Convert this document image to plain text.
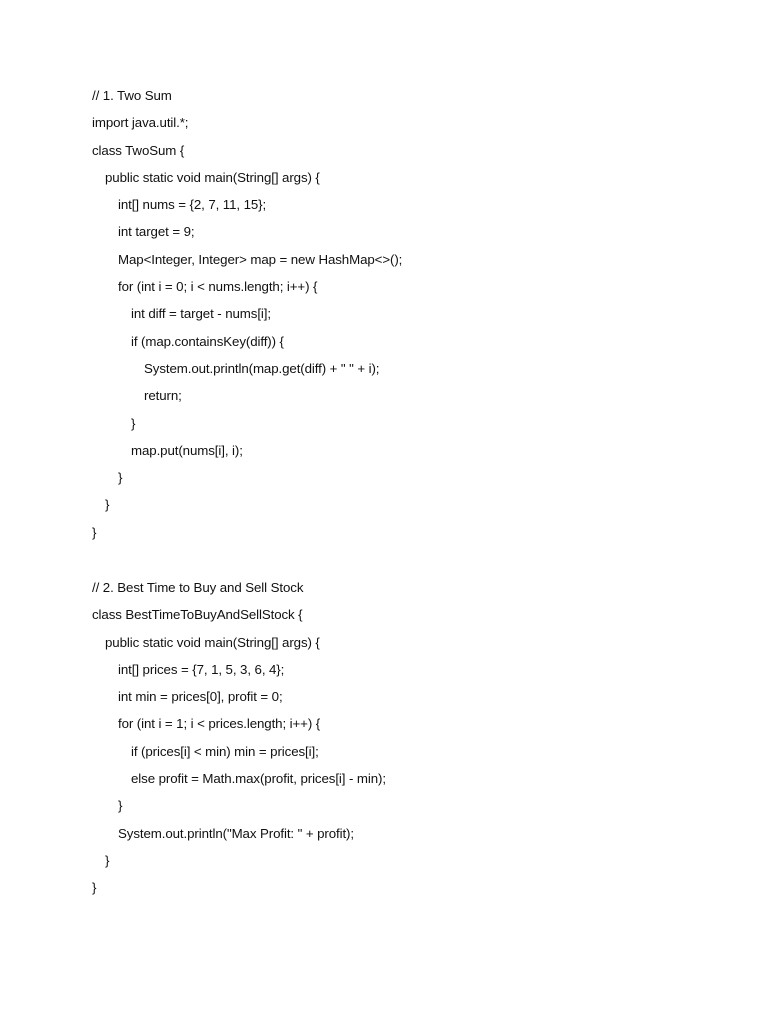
// 1. Two Sum
import java.util.*;
class TwoSum {
public static void main(String[] args) {
int[] nums = {2, 7, 11, 15};
int target = 9;
Map<Integer, Integer> map = new HashMap<>();
for (int i = 0; i < nums.length; i++) {
int diff = target - nums[i];
if (map.containsKey(diff)) {
System.out.println(map.get(diff) + " " + i);
return;
}
map.put(nums[i], i);
}
}
}
// 2. Best Time to Buy and Sell Stock
class BestTimeToBuyAndSellStock {
public static void main(String[] args) {
int[] prices = {7, 1, 5, 3, 6, 4};
int min = prices[0], profit = 0;
for (int i = 1; i < prices.length; i++) {
if (prices[i] < min) min = prices[i];
else profit = Math.max(profit, prices[i] - min);
}
System.out.println("Max Profit: " + profit);
}
}
